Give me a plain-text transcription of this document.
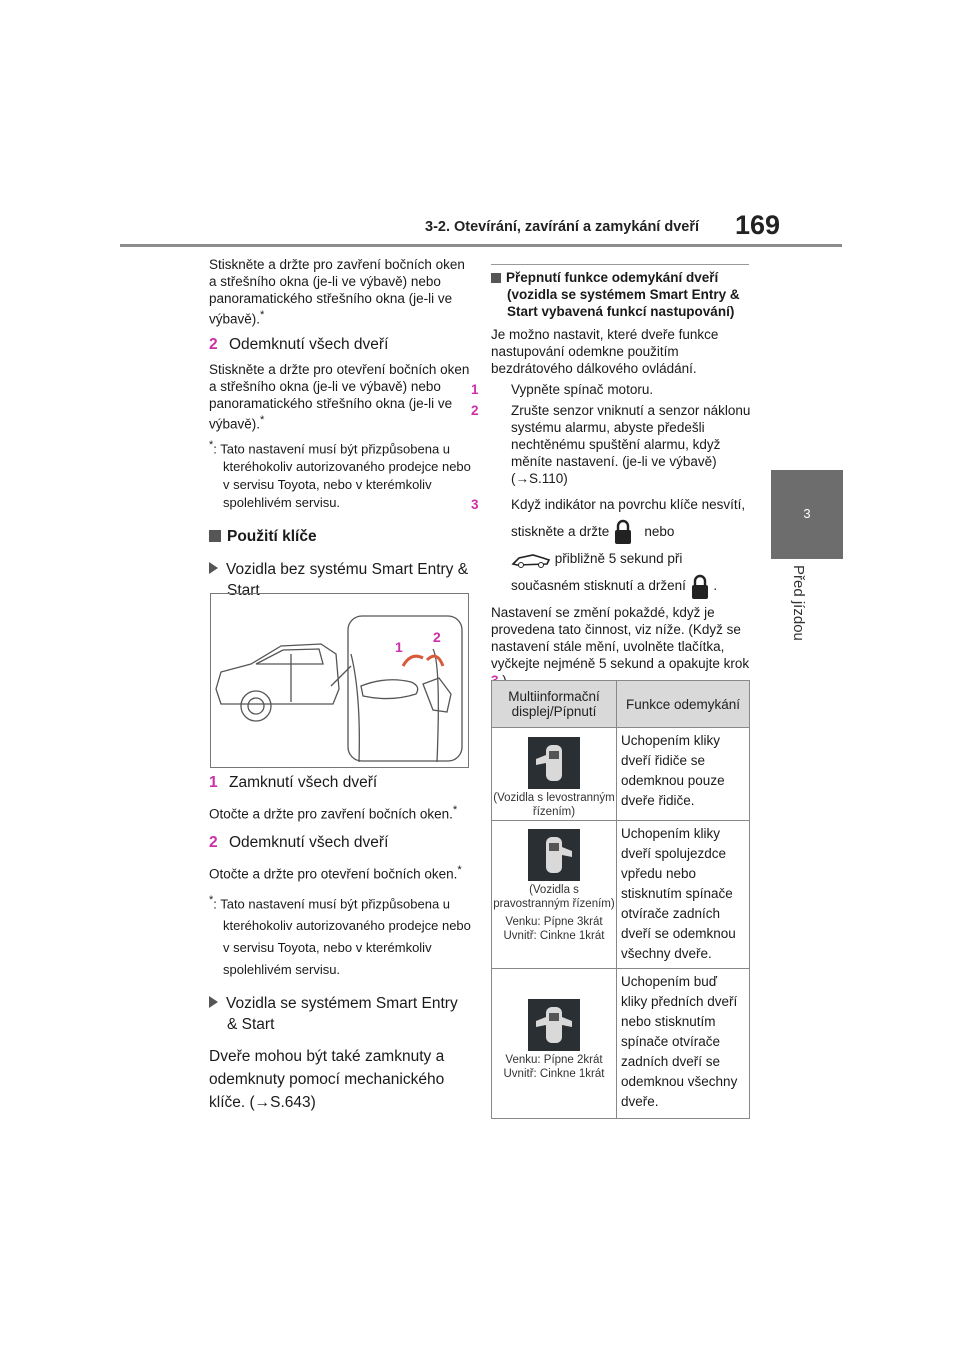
3-2. Otevírání, zavírání a zamykání dveří 169
3
Před jízdou

Stiskněte a držte pro zavření bočních oken a střešního okna (je-li ve výbavě) nebo panoramatického střešního okna (je-li ve výbavě).*

2 Odemknutí všech dveří

Stiskněte a držte pro otevření bočních oken a střešního okna (je-li ve výbavě) nebo panoramatického střešního okna (je-li ve výbavě).*

*: Tato nastavení musí být přizpůsobena u kteréhokoliv autorizovaného prodejce nebo v servisu Toyota, nebo v kterémkoliv spolehlivém servisu.

Použití klíče

Vozidla bez systému Smart Entry & Start

1
2

1 Zamknutí všech dveří

Otočte a držte pro zavření bočních oken.*

2 Odemknutí všech dveří

Otočte a držte pro otevření bočních oken.*

*: Tato nastavení musí být přizpůsobena u kteréhokoliv autorizovaného prodejce nebo v servisu Toyota, nebo v kterémkoliv spolehlivém servisu.

Vozidla se systémem Smart Entry & Start

Dveře mohou být také zamknuty a odemknuty pomocí mechanického klíče. (→S.643)

Přepnutí funkce odemykání dveří (vozidla se systémem Smart Entry & Start vybavená funkcí nastupování)

Je možno nastavit, které dveře funkce nastupování odemkne použitím bezdrátového dálkového ovládání.

1 Vypněte spínač motoru.

2 Zrušte senzor vniknutí a senzor náklonu systému alarmu, abyste předešli nechtěnému spuštění alarmu, když měníte nastavení. (je-li ve výbavě) (→S.110)

3 Když indikátor na povrchu klíče nesvítí, stiskněte a držte	nebo
přibližně 5 sekund při současném stisknutí a držení .

Nastavení se změní pokaždé, když je provedena tato činnost, viz níže. (Když se nastavení stále mění, uvolněte tlačítka, vyčkejte nejméně 5 sekund a opakujte krok

Multiinformační displej/Pípnutí	Funkce odemykání

(Vozidla s levostranným řízením)	Uchopením kliky dveří řidiče se odemknou pouze dveře řidiče.

(Vozidla s pravostranným řízením)
Venku: Pípne 3krát Uvnitř: Cinkne 1krát	Uchopením kliky dveří spolujezdce vpředu nebo stisknutím spínače otvírače zadních dveří se odemknou všechny dveře.

Venku: Pípne 2krát Uvnitř: Cinkne 1krát	Uchopením buď kliky předních dveří nebo stisknutím spínače otvírače zadních dveří se odemknou všechny dveře.
